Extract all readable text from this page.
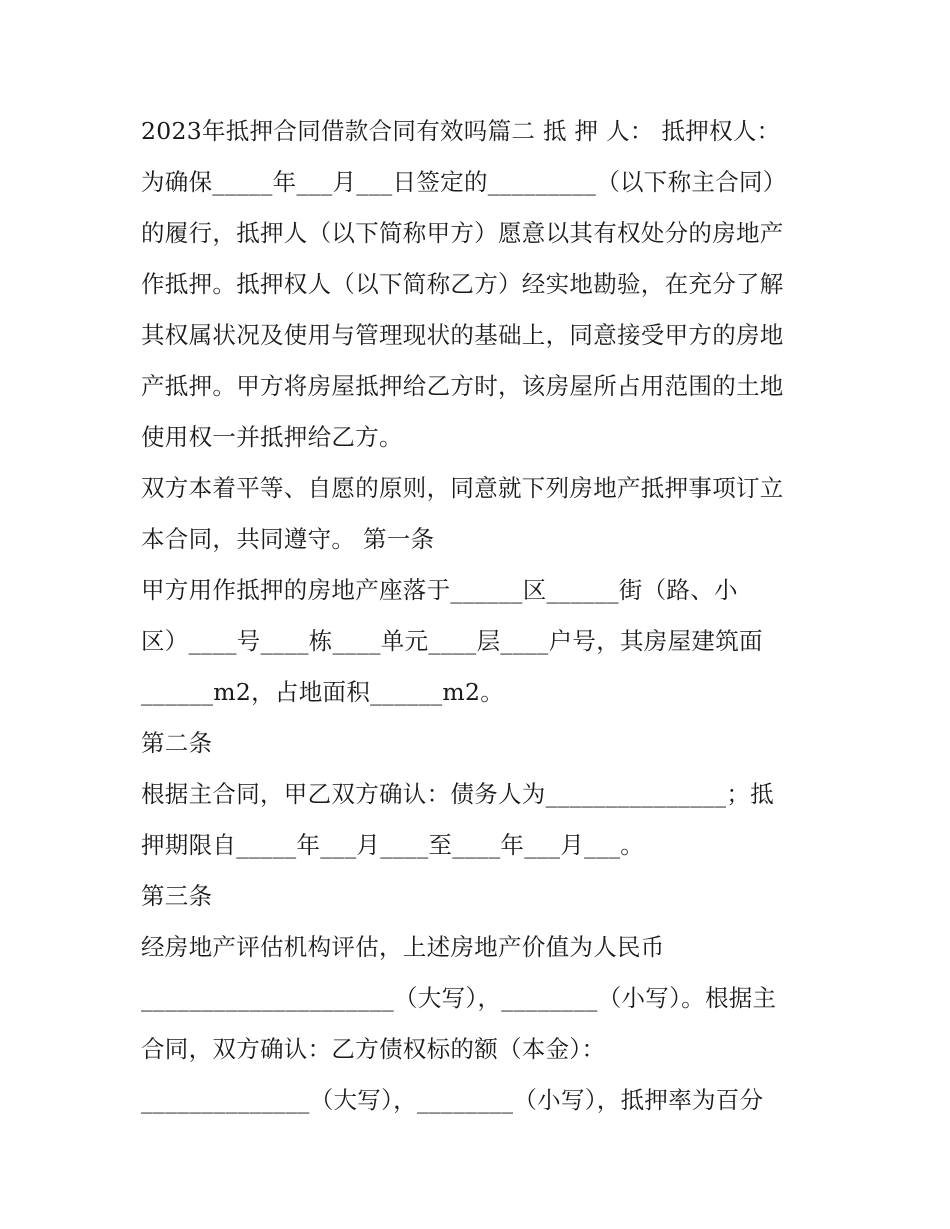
2023年抵押合同借款合同有效吗篇二 抵 押 人： 抵押权人：
为确保_____年___月___日签定的_________（以下称主合同）
的履行，抵押人（以下简称甲方）愿意以其有权处分的房地产
作抵押。抵押权人（以下简称乙方）经实地勘验，在充分了解
其权属状况及使用与管理现状的基础上，同意接受甲方的房地
产抵押。甲方将房屋抵押给乙方时，该房屋所占用范围的土地
使用权一并抵押给乙方。
双方本着平等、自愿的原则，同意就下列房地产抵押事项订立
本合同，共同遵守。 第一条
甲方用作抵押的房地产座落于______区______街（路、小
区）____号____栋____单元____层____户号，其房屋建筑面
______m2，占地面积______m2。
第二条
根据主合同，甲乙双方确认：债务人为_______________；抵
押期限自_____年___月____至____年___月___。
第三条
经房地产评估机构评估，上述房地产价值为人民币
_____________________（大写），________（小写）。根据主
合同，双方确认：乙方债权标的额（本金）：
______________（大写），________（小写），抵押率为百分
